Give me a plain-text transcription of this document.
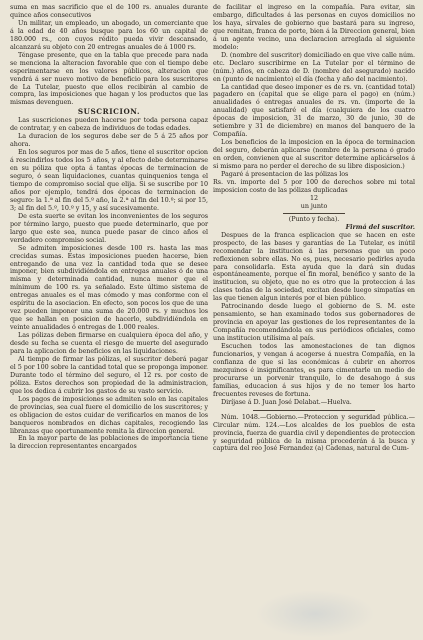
suma en mas sacrificio que el de 100 rs. anuales durante quince años consecutivos

Un militar, un empleado, un abogado, un comerciante que á la edad de 40 años busque para los 60 un capital de 180.000 rs., con cuyos rédito pueda vivir descansado, alcanzará su objeto con 20 entregas anuales de á 1000 rs.

Téngase presente, que en la tabla que precede para nada se menciona la alteracion favorable que con el tiempo debe esperimentarse en los valores públicos, alteracion que vendrá á ser nuevo motivo de beneficio para los suscritores de La Tutelar, puesto que ellos recibirán al cambio de compra, las imposiciones que hagan y los productos que las mismas devenguen.

SUSCRICION.

Las suscriciones pueden hacerse por toda persona capaz de contratar, y en cabeza de individuos de todas edades.

La duracion de los seguros debe ser de 5 á 25 años por ahora.

En los seguros por mas de 5 años, tiene el suscritor opcion á rescindirlos todos los 5 años, y al efecto debe determinarse en su póliza que opta á tantas épocas de terminacion de seguro, ó sean liquidaciones, cuantas quinquenios tenga el tiempo de compromiso social que elija. Si se suscribe por 10 años por ejemplo, tendrá dos épocas de terminacion de seguro: la 1.ª al fin del 5.º año, la 2.ª al fin del 10.º; si por 15, 3; al fin del 5.º, 10.º y 15, y así sucesivamente.

De esta suerte se evitan los inconvenientes de los seguros por término largo, puesto que puede determinarlo, que por largo que este sea, nunca puede pasar de cinco años el verdadero compromiso social.

Se admiten imposiciones desde 100 rs. hasta las mas crecidas sumas. Estas imposiciones pueden hacerse, bien entregando de una vez la cantidad toda que se desee imponer, bien subdividiéndola en entregas anuales ó de una misma y determinada cantidad, nunca menor que el mínimum de 100 rs. ya señalado. Este último sistema de entregas anuales es el mas cómodo y mas conforme con el espíritu de la asociacion. En efecto, son pocos los que de una vez pueden imponer una suma de 20.000 rs. y muchos los que se hallan en posicion de hacerlo, subdividiéndola en veinte anualidades ó entregas de 1.000 reales.

Las pólizas deben firmarse en cualquiera época del año, y desde su fecha se cuenta el riesgo de muerte del asegurado para la aplicacion de beneficios en las liquidaciones.

Al tiempo de firmar las pólizas, el suscritor deberá pagar el 5 por 100 sobre la cantidad total que se proponga imponer. Durante todo el término del seguro, el 12 rs. por costo de póliza. Estos derechos son propiedad de la administracion, que los dedica á cubrir los gastos de su vasto servicio.

Los pagos de imposiciones se admiten solo en las capitales de provincias, sea cual fuere el domicilio de los suscritores; y es obligacion de estos cuidar de verificarlos en manos de los banqueros nombrados en dichas capitales, recogiendo las libranzas que oportunamente remita la direccion general.

En la mayor parte de las poblaciones de importancia tiene la direccion representantes encargados

de facilitar el ingreso en la compañía. Para evitar, sin embargo, dificultades á las personas en cuyos domicilios no los haya, sírvales de gobierno que bastará para su ingreso, que remitan, franca de porte, bien á la Direccion general, bien á un agente vecino, una declaracion arreglada al siguiente modelo:

D. (nombre del suscritor) domiciliado en que vive calle núm. etc. Declaro suscribirme en La Tutelar por el término de (núm.) años, en cabeza de D. (nombre del asegurado) nacido en (punto de nacimiento) el día (fecha y año del nacimiento).

La cantidad que deseo imponer es de rs. vn. (cantidad total) pagadero en (capital que se elige para el pago) en (núm.) anualidades ó entregas anuales de rs. vn. (importe de la anualidad) que satisfaré el día (cualquiera de los cuatro épocas de imposicion, 31 de marzo, 30 de junio, 30 de setiembre y 31 de diciembre) en manos del banquero de la Compañía.

Los beneficios de la imposicion en la época de terminacion del seguro, deberán aplicarse (nombre de la persona ó grado en orden, convienen que al suscritor determine aplicárselos á si mismo para no perder el derecho de su libre disposicion.)

Pagaré á presentacion de las pólizas los

Rs. vn. importe del 5 por 100 de derechos sobre mi total imposicion costo de las pólizas duplicadas

12

un junto

(Punto y fecha).

Firmá del suscritor.

Despues de la franca esplicacion que se hacen en este prospecto, de las bases y garantías de La Tutelar, es inútil recomendar la institucion á las personas que un poco reflexionen sobre ellas. No es, pues, necesario pedirles ayuda para consolidarla. Esta ayuda que la dará sin dudas espontáneamente, porque el fin moral, benéfico y santo de la institucion, su objeto, que no es otro que la proteccion á las clases todas de la sociedad, excitan desde luego simpatías en las que tienen algun interés por el bien público.

Patrocinando desde luego el gobierno de S. M. este pensamiento, se han examinado todos sus gobernadores de provincia en apoyar las gestiones de los representantes de la Compañía recomendándola en sus periódicos oficiales, como una institucion utilísima al país.

Escuchen todos las amonestaciones de tan dignos funcionarios, y vengan á acogerse á nuestra Compañía, en la confianza de que si las económicas á cubrir en ahorros mezquinos é insignificantes, es para cimentarle un medio de procurarse un porvenir tranquilo, lo de desahogo á sus familias, educacion á sus hijos y de no temer los harto frecuentes reveses de fortuna.

Diríjase á D. Juan José Delabat.—Huelva.

Núm. 1048.—Gobierno.—Proteccion y seguridad pública.—Circular núm. 124.—Los alcaldes de los pueblos de esta provincia, fuerza de guardia civil y dependientes de proteccion y seguridad pública de la misma procederán á la busca y captura del reo José Fernandez (a) Cadenas, natural de Cum-
